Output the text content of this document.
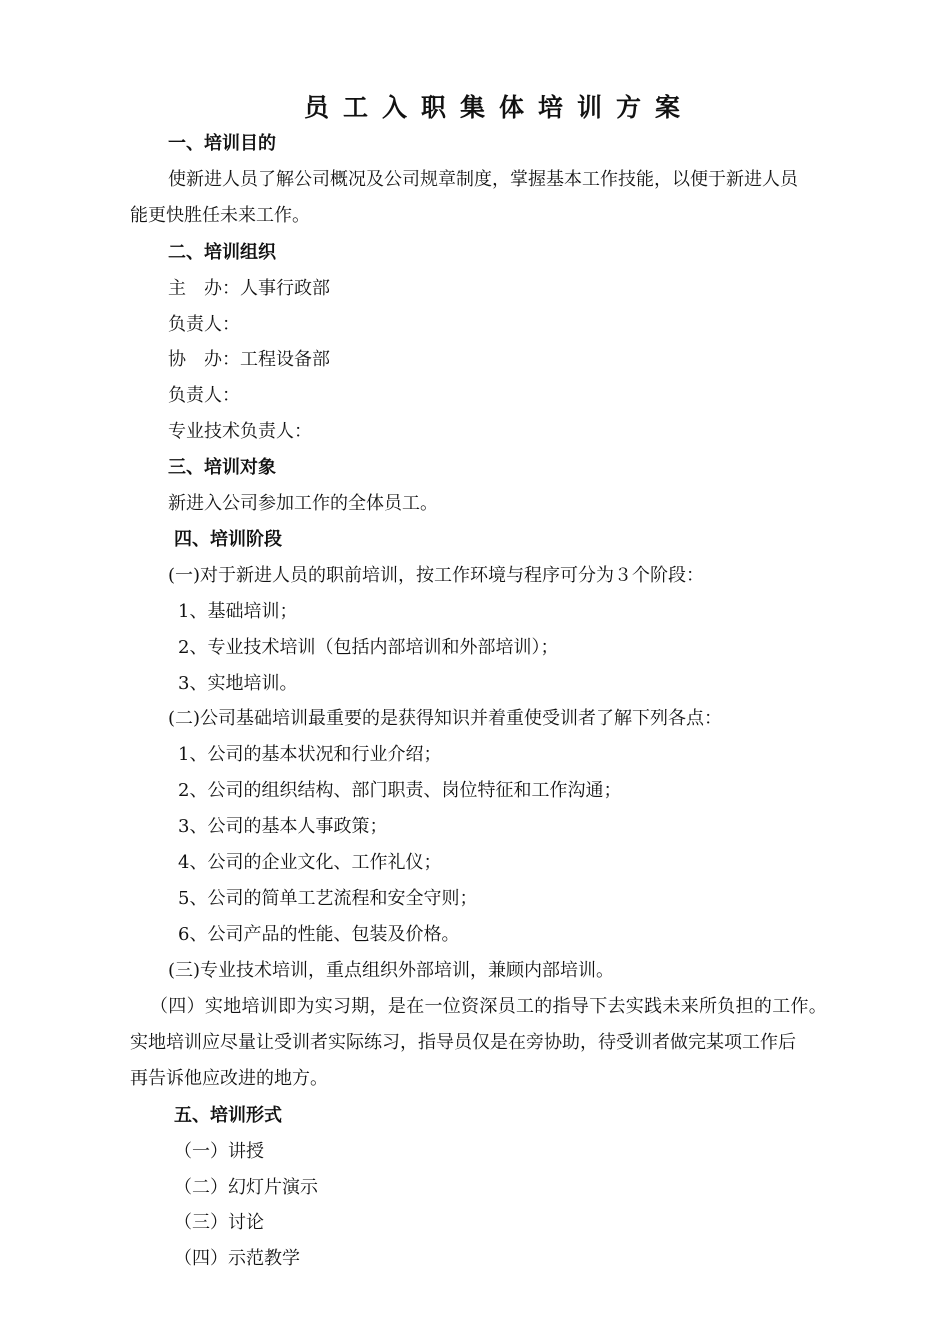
员工入职集体培训方案
一、培训目的
使新进人员了解公司概况及公司规章制度，掌握基本工作技能，以便于新进人员
能更快胜任未来工作。
二、培训组织
主　办：人事行政部
负责人：
协　办：工程设备部
负责人：
专业技术负责人：
三、培训对象
新进入公司参加工作的全体员工。
四、培训阶段
(一)对于新进人员的职前培训，按工作环境与程序可分为３个阶段：
1、基础培训；
2、专业技术培训（包括内部培训和外部培训）；
3、实地培训。
(二)公司基础培训最重要的是获得知识并着重使受训者了解下列各点：
1、公司的基本状况和行业介绍；
2、公司的组织结构、部门职责、岗位特征和工作沟通；
3、公司的基本人事政策；
4、公司的企业文化、工作礼仪；
5、公司的简单工艺流程和安全守则；
6、公司产品的性能、包装及价格。
(三)专业技术培训，重点组织外部培训，兼顾内部培训。
（四）实地培训即为实习期，是在一位资深员工的指导下去实践未来所负担的工作。
实地培训应尽量让受训者实际练习，指导员仅是在旁协助，待受训者做完某项工作后
再告诉他应改进的地方。
五、培训形式
（一）讲授
（二）幻灯片演示
（三）讨论
（四）示范教学
